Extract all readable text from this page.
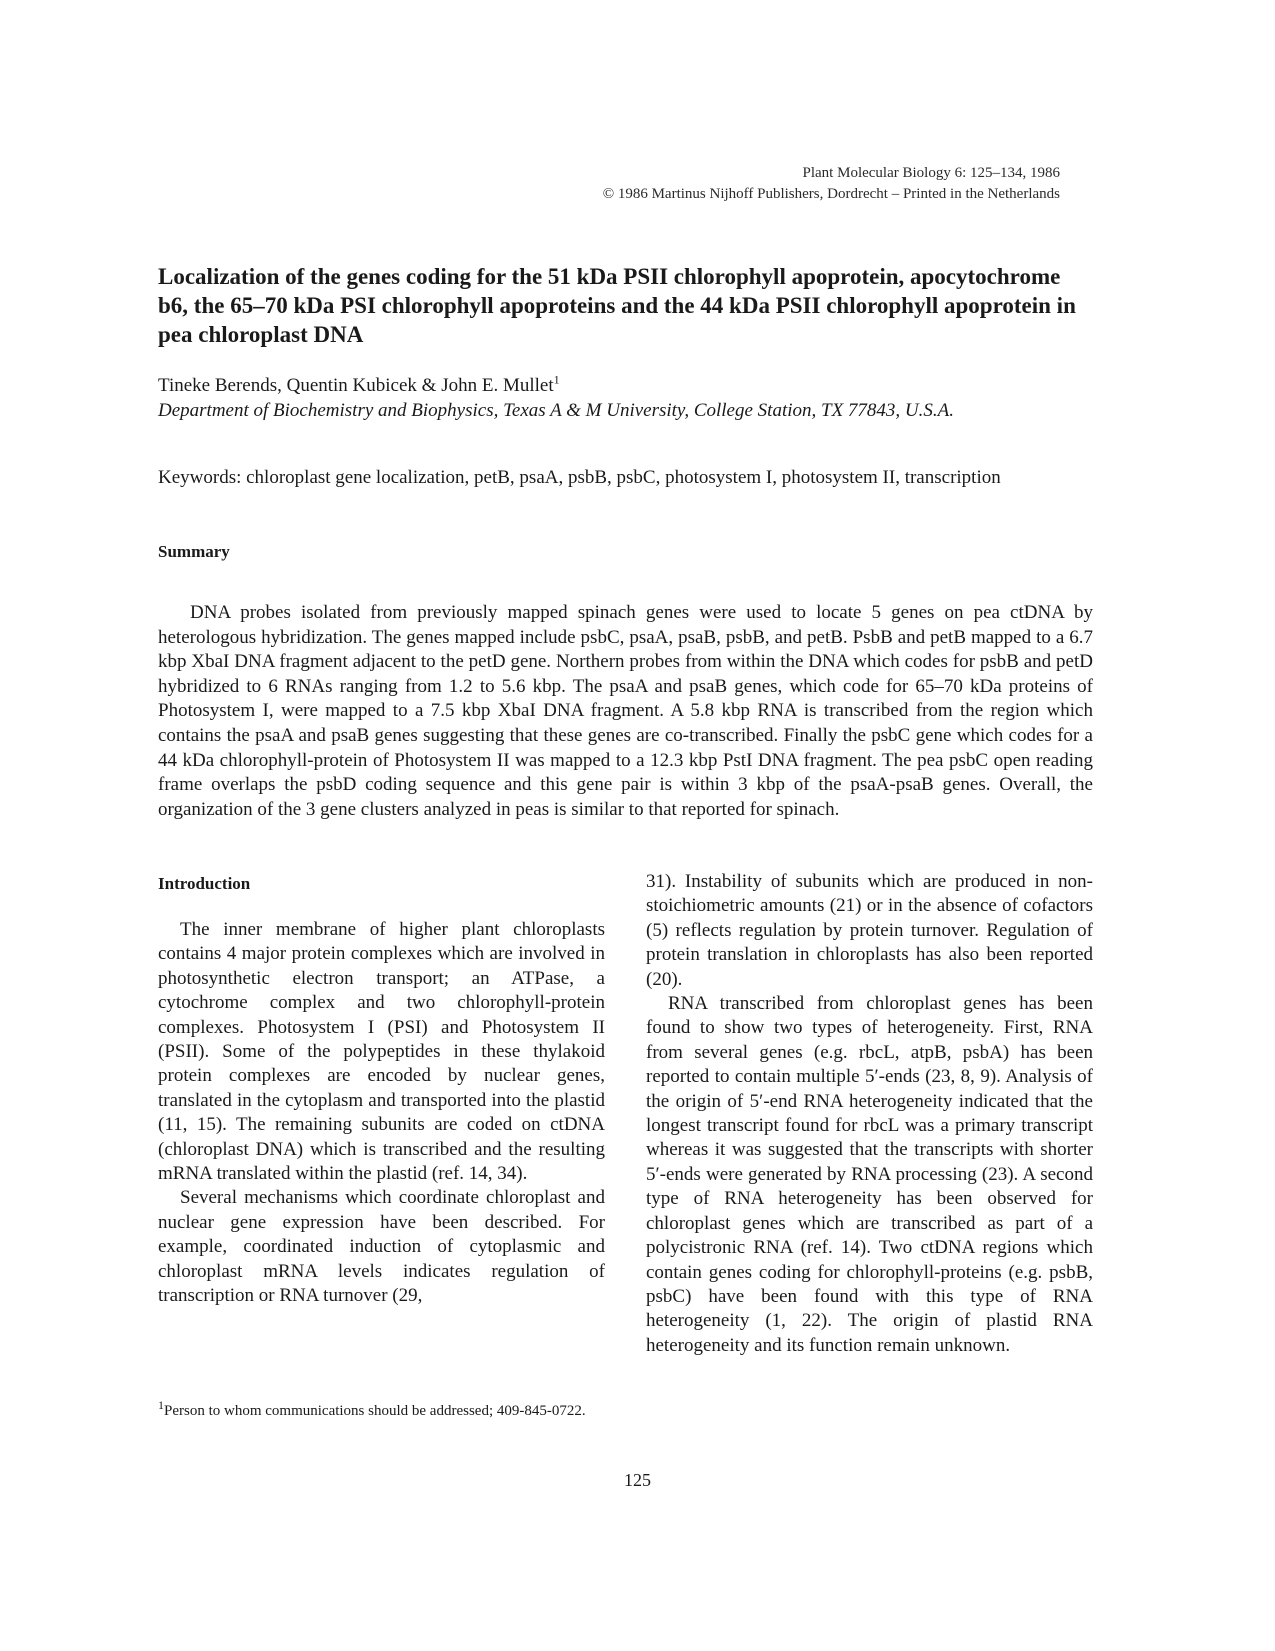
Plant Molecular Biology 6: 125–134, 1986
© 1986 Martinus Nijhoff Publishers, Dordrecht – Printed in the Netherlands
Localization of the genes coding for the 51 kDa PSII chlorophyll apoprotein, apocytochrome b6, the 65–70 kDa PSI chlorophyll apoproteins and the 44 kDa PSII chlorophyll apoprotein in pea chloroplast DNA
Tineke Berends, Quentin Kubicek & John E. Mullet$^1$
Department of Biochemistry and Biophysics, Texas A & M University, College Station, TX 77843, U.S.A.
Keywords: chloroplast gene localization, petB, psaA, psbB, psbC, photosystem I, photosystem II, transcription
Summary
DNA probes isolated from previously mapped spinach genes were used to locate 5 genes on pea ctDNA by heterologous hybridization. The genes mapped include psbC, psaA, psaB, psbB, and petB. PsbB and petB mapped to a 6.7 kbp XbaI DNA fragment adjacent to the petD gene. Northern probes from within the DNA which codes for psbB and petD hybridized to 6 RNAs ranging from 1.2 to 5.6 kbp. The psaA and psaB genes, which code for 65–70 kDa proteins of Photosystem I, were mapped to a 7.5 kbp XbaI DNA fragment. A 5.8 kbp RNA is transcribed from the region which contains the psaA and psaB genes suggesting that these genes are co-transcribed. Finally the psbC gene which codes for a 44 kDa chlorophyll-protein of Photosystem II was mapped to a 12.3 kbp PstI DNA fragment. The pea psbC open reading frame overlaps the psbD coding sequence and this gene pair is within 3 kbp of the psaA-psaB genes. Overall, the organization of the 3 gene clusters analyzed in peas is similar to that reported for spinach.
Introduction

The inner membrane of higher plant chloroplasts contains 4 major protein complexes which are involved in photosynthetic electron transport; an ATPase, a cytochrome complex and two chlorophyll-protein complexes. Photosystem I (PSI) and Photosystem II (PSII). Some of the polypeptides in these thylakoid protein complexes are encoded by nuclear genes, translated in the cytoplasm and transported into the plastid (11, 15). The remaining subunits are coded on ctDNA (chloroplast DNA) which is transcribed and the resulting mRNA translated within the plastid (ref. 14, 34).

Several mechanisms which coordinate chloroplast and nuclear gene expression have been described. For example, coordinated induction of cytoplasmic and chloroplast mRNA levels indicates regulation of transcription or RNA turnover (29,

31). Instability of subunits which are produced in non-stoichiometric amounts (21) or in the absence of cofactors (5) reflects regulation by protein turnover. Regulation of protein translation in chloroplasts has also been reported (20).

RNA transcribed from chloroplast genes has been found to show two types of heterogeneity. First, RNA from several genes (e.g. rbcL, atpB, psbA) has been reported to contain multiple 5′-ends (23, 8, 9). Analysis of the origin of 5′-end RNA heterogeneity indicated that the longest transcript found for rbcL was a primary transcript whereas it was suggested that the transcripts with shorter 5′-ends were generated by RNA processing (23). A second type of RNA heterogeneity has been observed for chloroplast genes which are transcribed as part of a polycistronic RNA (ref. 14). Two ctDNA regions which contain genes coding for chlorophyll-proteins (e.g. psbB, psbC) have been found with this type of RNA heterogeneity (1, 22). The origin of plastid RNA heterogeneity and its function remain unknown.

$^1$Person to whom communications should be addressed; 409-845-0722.
125
